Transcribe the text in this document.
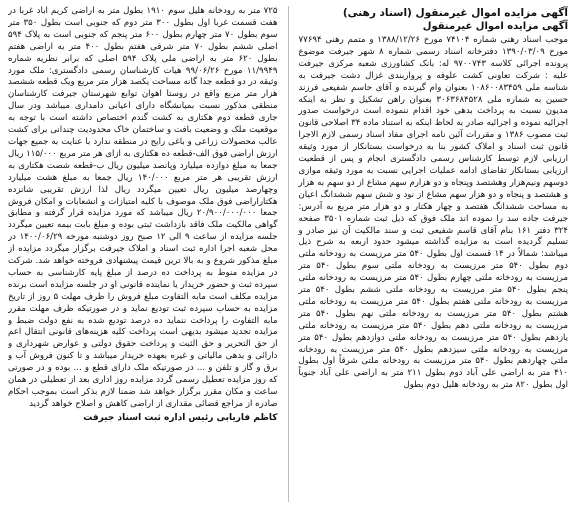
آگهی مزایده اموال غیرمنقول (اسناد رهنی)
آگهی مزایده اموال غیرمنقول

موجب اسناد رهنی شماره ۷۴۱۰۴ مورخ ۱۳۸۸/۱۲/۲۶ و متمم رهنی ۷۷۶۹۴ مورخ ۱۳۹۰/۰۳/۰۹ دفترخانه اسناد رسمی شماره ۸ شهر جیرفت موضوع پرونده اجرائی کلاسه ۹۷۰۰۷۴۳ له: بانک کشاورزی شعبه مرکزی جیرفت علیه : شرکت تعاونی کشت علوفه و پرواربندی غزال دشت جیرفت به شناسه ملی ۱۰۸۶۰۰۸۳۴۵۹ بعنوان وام گیرنده و آقای حاسم شفیعی فرزند حسین به شماره ملی ۳۰۶۳۶۸۴۵۲۸ بعنوان راهن تشکیل و نظر به اینکه مدیون نسبت به پرداخت بدهی خود اقدام ننموده است درخواست صدور اجرائیه نموده و اجرائیه صادر به لحاظ اینکه به استناد ماده ۳۴ اصلاحی قانون ثبت مصوب ۱۳۸۶ و مقررات آئین نامه اجرای مفاد اسناد رسمی لازم الاجرا قانون ثبت اسناد و املاک کشور بنا به درخواست بستانکار از مورد وثیقه ارزیابی لازم توسط کارشناس رسمی دادگستری انجام و پس از قطعیت ارزیابی بستانکار تقاضای ادامه عملیات اجرایی نسبت به مورد وثیقه موازی دوسهم ونیم‌هزار وهشتصد وپنجاه و دو هزارم سهم مشاع از دو سهم به هزار و هشتصد و پنجاه و دو هزار سهم مشاع از نود و شش سهم ششدانگ اعیان به مساحت ششدانگ هفتصد و چهار هکتار و دو هزار متر مربع به آدرس: جیرفت جاده سد را نموده اند ملک فوق که ذیل ثبت شماره ۳۵۰۱ صفحه ۳۲۴ دفتر ۱۶۱ بنام آقای قاسم شفیعی ثبت و سند مالکیت آن نیز صادر و تسلیم گردیده است به مزایده گذاشته میشود حدود اربعه به شرح ذیل میباشد: شمالاً در ۱۴ قسمت اول بطول ۵۴۰ متر مرزیست به رودخانه ملتی دوم بطول ۵۴۰ متر مرزیست به رودخانه ملتی سوم بطول ۵۴۰ متر مرزیست به رودخانه ملتی چهارم بطول ۵۴۰ متر مرزیست به رودخانه ملتی پنجم بطول ۵۴۰ متر مرزیست به رودخانه ملتی ششم بطول ۵۴۰ متر مرزیست به رودخانه ملتی هفتم بطول ۵۴۰ متر مرزیست به رودخانه ملتی هشتم بطول ۵۴۰ متر مرزیست به رودخانه ملتی نهم بطول ۵۴۰ متر مرزیست به رودخانه ملتی دهم بطول ۵۴۰ متر مرزیست به رودخانه ملتی یازدهم بطول ۵۴۰ متر مرزیست به رودخانه ملتی دوازدهم بطول ۵۴۰ متر مرزیست به رودخانه ملتی سیزدهم بطول ۵۴۰ متر مرزیست به رودخانه ملتی چهاردهم بطول ۵۴۰ متر مرزیست به رودخانه ملتی شرقاً اول بطول ۴۱۰ متر به اراضی علی آباد دوم بطول ۲۱۱ متر به اراضی علی آباد جنوباً اول بطول ۸۲۰ متر به رودخانه هلیل دوم بطول

۷۲۵ متر به رودخانه هلیل سوم ۱۹۱۰ بطول متر به اراضی کریم آباد غربا در هفت قسمت غربا اول بطول ۳۰۰ متر دوم که جنوبی است بطول ۳۵۰ متر سوم بطول ۷۰ متر چهارم بطول ۶۰۰ متر پنجم که جنوبی است به پلاک ۵۹۴ اصلی ششم بطول ۷۰ متر شرقی هفتم بطول ۴۰۰ متر به اراضی هفتم بطول ۶۲۰ متر به اراضی ملی پلاک ۵۹۴ اصلی که برابر نظریه شماره ۱۱/۹۹۴۹ مورخ ۹۹/۰۶/۲۶ هیات کارشناسان رسمی دادگستری: ملک مورد وثیقه در دو قطعه جدا گانه مساحت یکصد هزار متر مربع ویک قطعه ششصد هزار متر مربع واقع در روستا اهوان توابع شهرستان جیرفت کارشناسان منطقی مذکور نسبت بمیانشگاه دارای اعیانی دامداری میباشد ودر سال جاری قطعه دوم هکتاری به کشت گندم اختصاص داشته است با توجه به موقعیت ملک و وضعیت بافت و ساختمان خاک محدودیت چندانی برای کشت عالب محصولات زراعی و باغی رایج در منطقه ندارد با عنایت به جمیع جهات ارزش اراضی فوق الف-قطعه ده هکتاری به ازای هر متر مربع ۱۱۵/۰۰۰ ریال جمعا به مبلغ دوازده میلیارد وپانصد میلیون ریال ب-قطعه شصت هکتاری به ارزش تقریبی هر متر مربع ۱۴۰/۰۰۰ ریال جمعا به مبلغ هشت میلیارد وچهارصد میلیون ریال تعیین میگردد ریال لذا ارزش تقریبی شانزده هکتاراراضی فوق ملک موصوف با کلیه امتیازات و انشعابات و امکان فروش جمعا ۲۰/۹۰۰/۰۰۰/۰۰۰ ریال میباشد که مورد مزایده قرار گرفته و مطابق گواهی مالکیت ملک فاقد بازداشت ثبتی بوده و مبلغ بابت بیمه تعیین میگردد جلسه مزایده از ساعت ۹ الی ۱۲ صبح روز دوشنبه مورخه ۱۴۰۰/۰۶/۲۹ در محل شعبه اجرا اداره ثبت اسناد و املاک جیرفت برگزار میگردد مزایده از مبلغ مذکور شروع و به بالا ترین قیمت پیشنهادی فروخته خواهد شد. شرکت در مزایده منوط به پرداخت ده درصد از مبلغ پایه کارشناسی به حساب سپرده ثبت و حضور خریدار یا نماینده قانونی او در جلسه مزایده است برنده مزایده مکلف است مابه التفاوت مبلغ فروش را ظرف مهلت ۵ روز از تاریخ مزایده به حساب سپرده ثبت تودیع نماید و در صورتیکه ظرف مهلت مقرر مابه التفاوت را پرداخت ننماید ده درصد تودیع شده به نفع دولت ضبط و مزایده تجدید میشود بدیهی است پرداخت کلیه هزینه‌های قانونی انتقال اعم از حق التحریر و حق الثبت و پرداخت حقوق دولتی و عوارض شهرداری و دارائی و بدهی مالیاتی و غیره بعهده خریدار میباشد و تا کنون فروش آب و برق و گاز و تلفن و ... در صورتیکه ملک دارای قطع و ... بوده و در صورتی که روز مزایده تعطیل رسمی گردد مزایده روز اداری بعد از تعطیلی در همان ساعت و مکان مقرر برگزار خواهد شد ضمنا لازم بذکر است بموجب احکام صادره از مراجع قضائی مقداری از اراضی کاهش و اصلاح خواهد گردید

کاظم فاریابی رئیس اداره ثبت اسناد جیرفت
